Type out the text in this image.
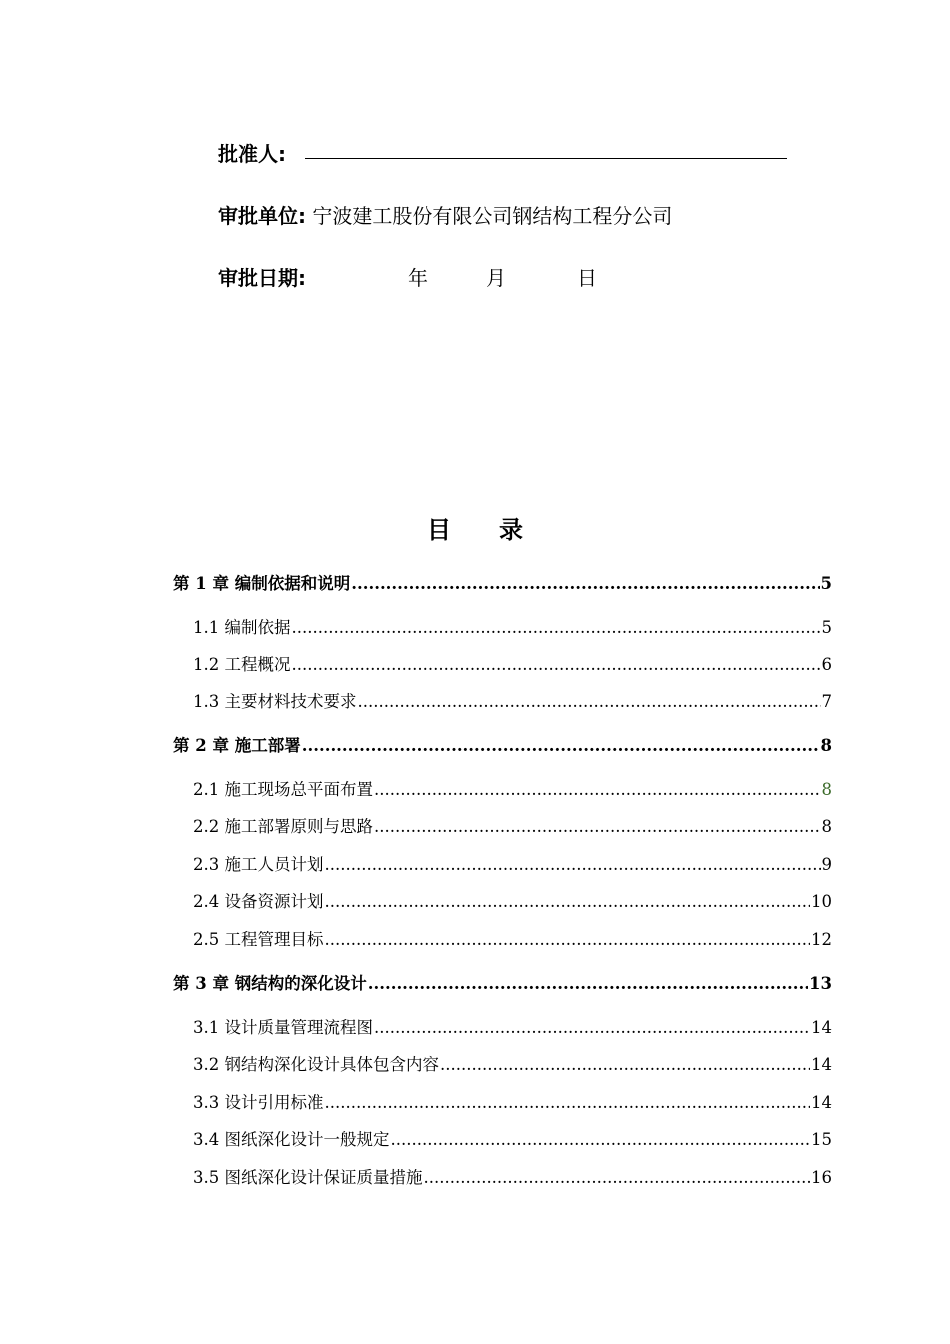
批准人:
审批单位: 宁波建工股份有限公司钢结构工程分公司
审批日期:	年	月	日
目录
第 1 章 编制依据和说明 .....	5
1.1 编制依据 .....	5
1.2 工程概况 .....	6
1.3 主要材料技术要求 .....	7
第 2 章 施工部署 .....	8
2.1 施工现场总平面布置 .....	8
2.2 施工部署原则与思路 .....	8
2.3 施工人员计划 .....	9
2.4 设备资源计划 .....	10
2.5 工程管理目标 .....	12
第 3 章 钢结构的深化设计 .....	13
3.1 设计质量管理流程图 .....	14
3.2 钢结构深化设计具体包含内容 .....	14
3.3 设计引用标准 .....	14
3.4 图纸深化设计一般规定 .....	15
3.5 图纸深化设计保证质量措施 .....	16
